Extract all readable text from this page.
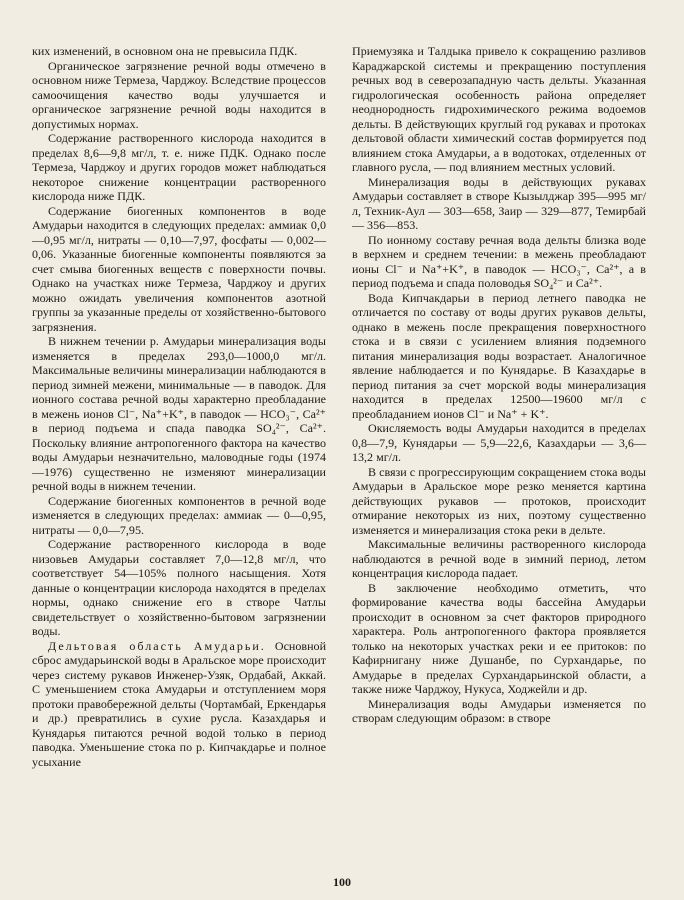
ких изменений, в основном она не превысила ПДК.

Органическое загрязнение речной воды отмечено в основном ниже Термеза, Чарджоу. Вследствие процессов самоочищения качество воды улучшается и органическое загрязнение речной воды находится в допустимых нормах.

Содержание растворенного кислорода находится в пределах 8,6—9,8 мг/л, т. е. ниже ПДК. Однако после Термеза, Чарджоу и других городов может наблюдаться некоторое снижение концентрации растворенного кислорода ниже ПДК.

Содержание биогенных компонентов в воде Амударьи находится в следующих пределах: аммиак 0,0—0,95 мг/л, нитраты — 0,10—7,97, фосфаты — 0,002—0,06. Указанные биогенные компоненты появляются за счет смыва биогенных веществ с поверхности почвы. Однако на участках ниже Термеза, Чарджоу и других можно ожидать увеличения компонентов азотной группы за указанные пределы от хозяйственно-бытового загрязнения.

В нижнем течении р. Амударьи минерализация воды изменяется в пределах 293,0—1000,0 мг/л. Максимальные величины минерализации наблюдаются в период зимней межени, минимальные — в паводок. Для ионного состава речной воды характерно преобладание в межень ионов Cl⁻, Na⁺+K⁺, в паводок — HCO₃⁻, Ca²⁺ в период подъема и спада паводка SO₄²⁻, Ca²⁺. Поскольку влияние антропогенного фактора на качество воды Амударьи незначительно, маловодные годы (1974—1976) существенно не изменяют минерализации речной воды в нижнем течении.

Содержание биогенных компонентов в речной воде изменяется в следующих пределах: аммиак — 0—0,95, нитраты — 0,0—7,95.

Содержание растворенного кислорода в воде низовьев Амударьи составляет 7,0—12,8 мг/л, что соответствует 54—105% полного насыщения. Хотя данные о концентрации кислорода находятся в пределах нормы, однако снижение его в створе Чатлы свидетельствует о хозяйственно-бытовом загрязнении воды.

Дельтовая область Амударьи. Основной сброс амударьинской воды в Аральское море происходит через систему рукавов Инженер-Узяк, Ордабай, Аккай. С уменьшением стока Амударьи и отступлением моря протоки правобережной дельты (Чортамбай, Еркендарья и др.) превратились в сухие русла. Казахдарья и Кунядарья питаются речной водой только в период паводка. Уменьшение стока по р. Кипчакдарье и полное усыхание

Приемузяка и Талдыка привело к сокращению разливов Караджарской системы и прекращению поступления речных вод в северозападную часть дельты. Указанная гидрологическая особенность района определяет неоднородность гидрохимического режима водоемов дельты. В действующих круглый год рукавах и протоках дельтовой области химический состав формируется под влиянием стока Амударьи, а в водотоках, отделенных от главного русла, — под влиянием местных условий.

Минерализация воды в действующих рукавах Амударьи составляет в створе Кызылджар 395—995 мг/л, Техник-Аул — 303—658, Заир — 329—877, Темирбай — 356—853.

По ионному составу речная вода дельты близка воде в верхнем и среднем течении: в межень преобладают ионы Cl⁻ и Na⁺+K⁺, в паводок — HCO₃⁻, Ca²⁺, а в период подъема и спада половодья SO₄²⁻ и Ca²⁺.

Вода Кипчакдарьи в период летнего паводка не отличается по составу от воды других рукавов дельты, однако в межень после прекращения поверхностного стока и в связи с усилением влияния подземного питания минерализация воды возрастает. Аналогичное явление наблюдается и по Кунядарье. В Казахдарье в период питания за счет морской воды минерализация находится в пределах 12500—19600 мг/л с преобладанием ионов Cl⁻ и Na⁺ + K⁺.

Окисляемость воды Амударьи находится в пределах 0,8—7,9, Кунядарьи — 5,9—22,6, Казахдарьи — 3,6—13,2 мг/л.

В связи с прогрессирующим сокращением стока воды Амударьи в Аральское море резко меняется картина действующих рукавов — протоков, происходит отмирание некоторых из них, поэтому существенно изменяется и минерализация стока реки в дельте.

Максимальные величины растворенного кислорода наблюдаются в речной воде в зимний период, летом концентрация кислорода падает.

В заключение необходимо отметить, что формирование качества воды бассейна Амударьи происходит в основном за счет факторов природного характера. Роль антропогенного фактора проявляется только на некоторых участках реки и ее притоков: по Кафирнигану ниже Душанбе, по Сурхандарье, по Амударье в пределах Сурхандарьинской области, а также ниже Чарджоу, Нукуса, Ходжейли и др.

Минерализация воды Амударьи изменяется по створам следующим образом: в створе

100
